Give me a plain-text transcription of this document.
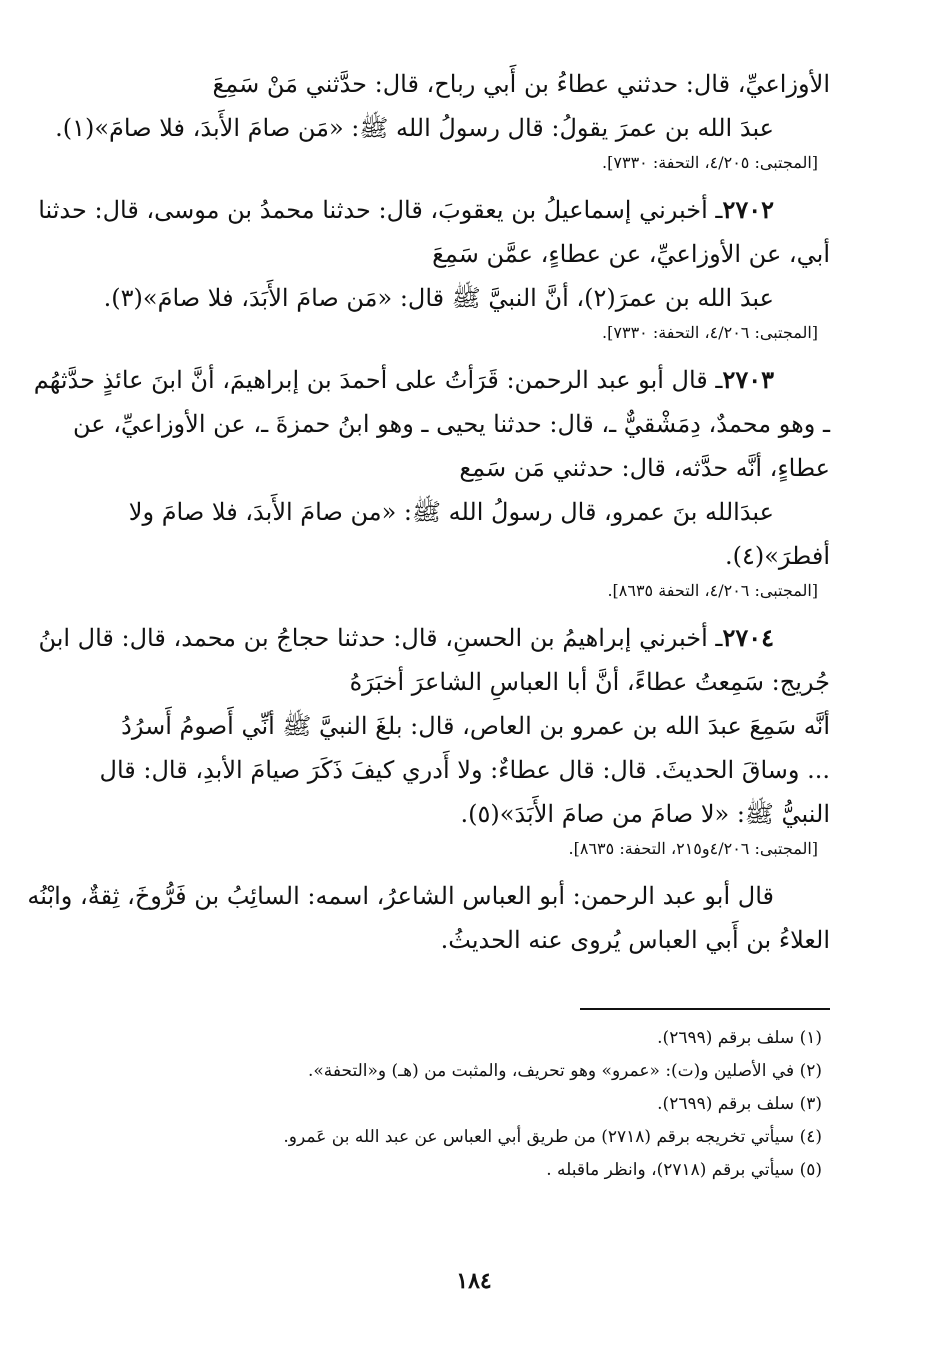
الأوزاعيِّ، قال: حدثني عطاءُ بن أَبي رباح، قال: حدَّثني مَنْ سَمِعَ
عبدَ الله بن عمرَ يقولُ: قال رسولُ الله ﷺ: «مَن صامَ الأَبدَ، فلا صامَ»(١).
[المجتبى: ٤/٢٠٥، التحفة: ٧٣٣٠].
٢٧٠٢ـ أخبرني إسماعيلُ بن يعقوبَ، قال: حدثنا محمدُ بن موسى، قال: حدثنا
أبي، عن الأوزاعيِّ، عن عطاءٍ، عمَّن سَمِعَ
عبدَ الله بن عمرَ(٢)، أنَّ النبيَّ ﷺ قال: «مَن صامَ الأَبَدَ، فلا صامَ»(٣).
[المجتبى: ٤/٢٠٦، التحفة: ٧٣٣٠].
٢٧٠٣ـ قال أبو عبد الرحمن: قَرَأتُ على أحمدَ بن إبراهيمَ، أنَّ ابنَ عائذٍ حدَّثهُم
ـ وهو محمدٌ، دِمَشْقيٌّ ـ، قال: حدثنا يحيى ـ وهو ابنُ حمزةَ ـ، عن الأوزاعيِّ، عن
عطاءٍ، أنَّه حدَّثه، قال: حدثني مَن سَمِع
عبدَالله بنَ عمرو، قال رسولُ الله ﷺ: «من صامَ الأَبدَ، فلا صامَ ولا
أفطرَ»(٤).
[المجتبى: ٤/٢٠٦، التحفة ٨٦٣٥].
٢٧٠٤ـ أخبرني إبراهيمُ بن الحسنِ، قال: حدثنا حجاجُ بن محمد، قال: قال ابنُ
جُريج: سَمِعتُ عطاءً، أنَّ أبا العباسِ الشاعرَ أخبَرَهُ
أنَّه سَمِعَ عبدَ الله بن عمرو بن العاص، قال: بلغَ النبيَّ ﷺ أنِّي أَصومُ أَسرُدُ
... وساقَ الحديثَ. قال: قال عطاءٌ: ولا أَدري كيفَ ذَكَرَ صيامَ الأبدِ، قال: قال
النبيُّ ﷺ: «لا صامَ من صامَ الأَبَدَ»(٥).
[المجتبى: ٤/٢٠٦و٢١٥، التحفة: ٨٦٣٥].
قال أبو عبد الرحمن: أبو العباس الشاعرُ، اسمه: السائِبُ بن فَرُّوخَ، ثِقةٌ، وابْنُه
العلاءُ بن أَبي العباس يُروى عنه الحديثُ.
(١) سلف برقم (٢٦٩٩).
(٢) في الأصلين و(ت): «عمرو» وهو تحريف، والمثبت من (هـ) و«التحفة».
(٣) سلف برقم (٢٦٩٩).
(٤) سيأتي تخريجه برقم (٢٧١٨) من طريق أبي العباس عن عبد الله بن عَمرو.
(٥) سيأتي برقم (٢٧١٨)، وانظر ماقبله .
١٨٤
